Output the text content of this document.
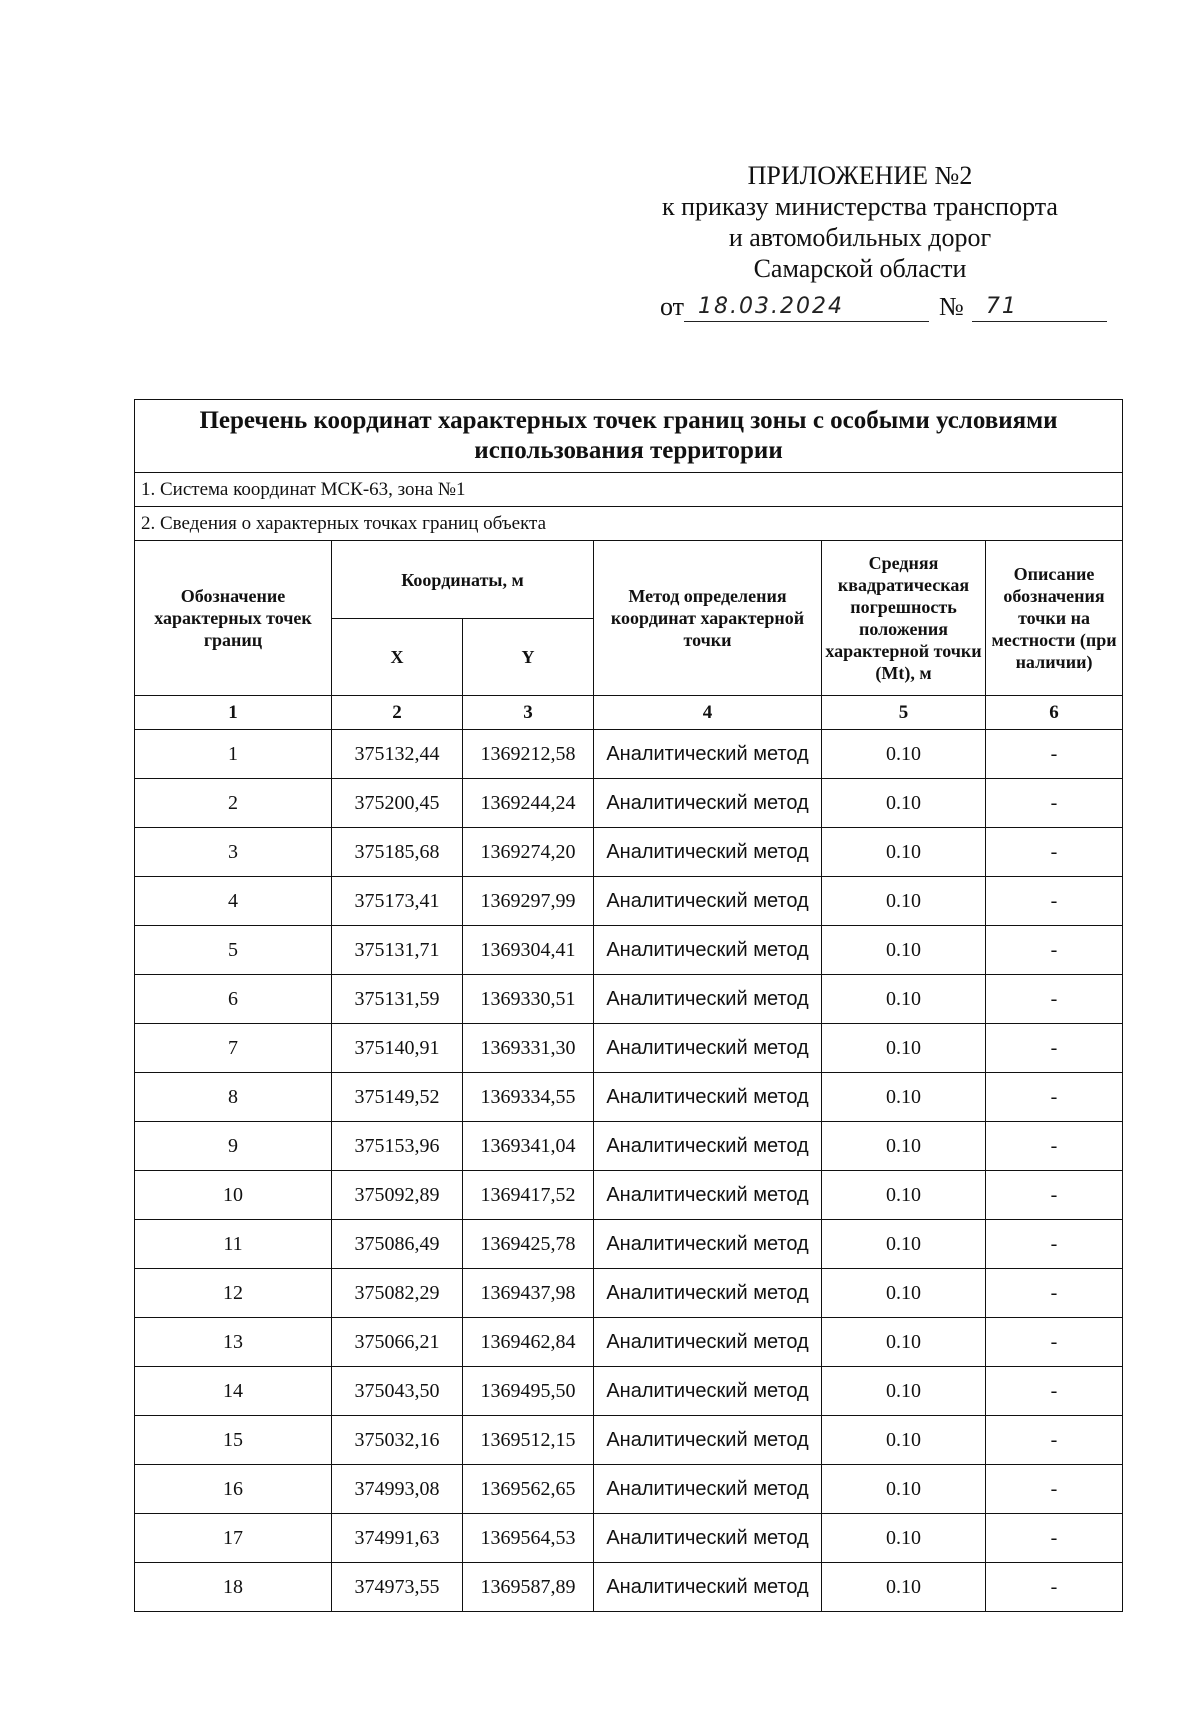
ПРИЛОЖЕНИЕ №2
к приказу министерства транспорта
и автомобильных дорог
Самарской области
от 18.03.2024	№ 71
Перечень координат характерных точек границ зоны с особыми условиями использования территории					
1. Система координат МСК-63, зона №1					
2. Сведения о характерных точках границ объекта					
Обозначение характерных точек границ	Координаты, м		Метод определения координат характерной точки	Средняя квадратическая погрешность положения характерной точки (Mt), м	Описание обозначения точки на местности (при наличии)
	X	Y			
1	2	3	4	5	6
1	375132,44	1369212,58	Аналитический метод	0.10	-
2	375200,45	1369244,24	Аналитический метод	0.10	-
3	375185,68	1369274,20	Аналитический метод	0.10	-
4	375173,41	1369297,99	Аналитический метод	0.10	-
5	375131,71	1369304,41	Аналитический метод	0.10	-
6	375131,59	1369330,51	Аналитический метод	0.10	-
7	375140,91	1369331,30	Аналитический метод	0.10	-
8	375149,52	1369334,55	Аналитический метод	0.10	-
9	375153,96	1369341,04	Аналитический метод	0.10	-
10	375092,89	1369417,52	Аналитический метод	0.10	-
11	375086,49	1369425,78	Аналитический метод	0.10	-
12	375082,29	1369437,98	Аналитический метод	0.10	-
13	375066,21	1369462,84	Аналитический метод	0.10	-
14	375043,50	1369495,50	Аналитический метод	0.10	-
15	375032,16	1369512,15	Аналитический метод	0.10	-
16	374993,08	1369562,65	Аналитический метод	0.10	-
17	374991,63	1369564,53	Аналитический метод	0.10	-
18	374973,55	1369587,89	Аналитический метод	0.10	-
